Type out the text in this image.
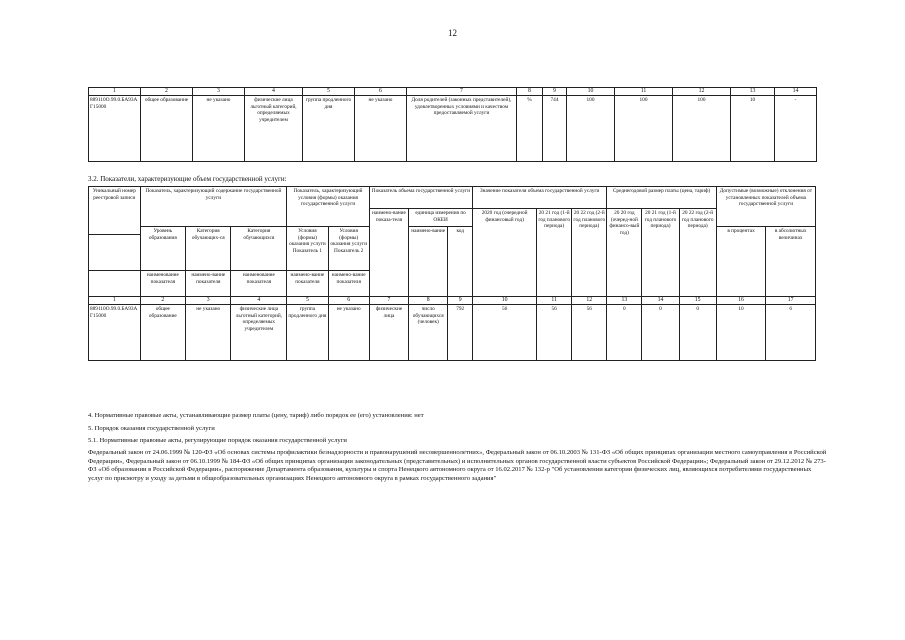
12
1	2	3	4	5	6	7	8	9	10	11	12	13	14
889110О.99.0.БА93АГ15000	общее образование	не указано	физические лица льготный категорий, определяемых учредителем	группа продленного дня	не указано	Доля родителей (законных представителей), удовлетворенных условиями и качеством предоставляемой услуги	%	744	100	100	100	10	-
3.2. Показатели, характеризующие объем государственной услуги:
Уникальный номер реестровой записи	Показатель, характеризующий содержание государственной услуги			Показатель, характеризующий условия (формы) оказания государственной услуги		Показатель объема государственной услуги			Значение показателя объема государственной услуги			Среднегодовой размер платы (цена, тариф)			Допустимые (возможные) отклонения от установленных показателей объема государственной услуги	
						наимено-вание показа-теля	единица измерения по ОКЕИ		2020 год (очередной финансовый год)	20 21 год (1-й год планового периода)	20 22 год (2-й год планового периода)	20 20 год (очеред-ной финансо-вый год)	20 21 год (1-й год планового периода)	20 22 год (2-й год планового периода)		
	Уровень образования	Категория обучающих-ся	Категория обучающихся	Условия (формы) оказания услуги Показатель 1	Условия (формы) оказания услуги Показатель 2		наимено-вание	код							в процентах	в абсолютных величинах

	наименование показателя	наимено-вание показателя	наименование показателя	наимено-вание показателя	наимено-вание показателя											
1	2	3	4	5	6	7	8	9	10	11	12	13	14	15	16	17
889110О.99.0.БА93АГ15000	общее образование	не указано	физические лица льготный категорий, определяемых учредителем	группа продленного дня	не указано	физические лица	число обучающихся (человек)	792	56	56	56	0	0	0	10	6

4. Нормативные правовые акты, устанавливающие размер платы (цену, тариф) либо порядок ее (его) установления: нет

5. Порядок оказания государственной услуги

5.1. Нормативные правовые акты, регулирующие порядок оказания государственной услуги

Федеральный закон от 24.06.1999 № 120-ФЗ «Об основах системы профилактики безнадзорности и правонарушений несовершеннолетних», Федеральный закон от 06.10.2003 № 131-ФЗ «Об общих принципах организации местного самоуправления в Российской Федерации», Федеральный закон от 06.10.1999 № 184-ФЗ «Об общих принципах организации законодательных (представительных) и исполнительных органов государственной власти субъектов Российской Федерации»; Федеральный закон от 29.12.2012 № 273-ФЗ «Об образовании в Российской Федерации», распоряжение Департамента образования, культуры и спорта Ненецкого автономного округа от 16.02.2017 № 132-р "Об установлении категории физических лиц, являющихся потребителями государственных услуг по присмотру и уходу за детьми в общеобразовательных организациях Ненецкого автономного округа в рамках государственного задания"
